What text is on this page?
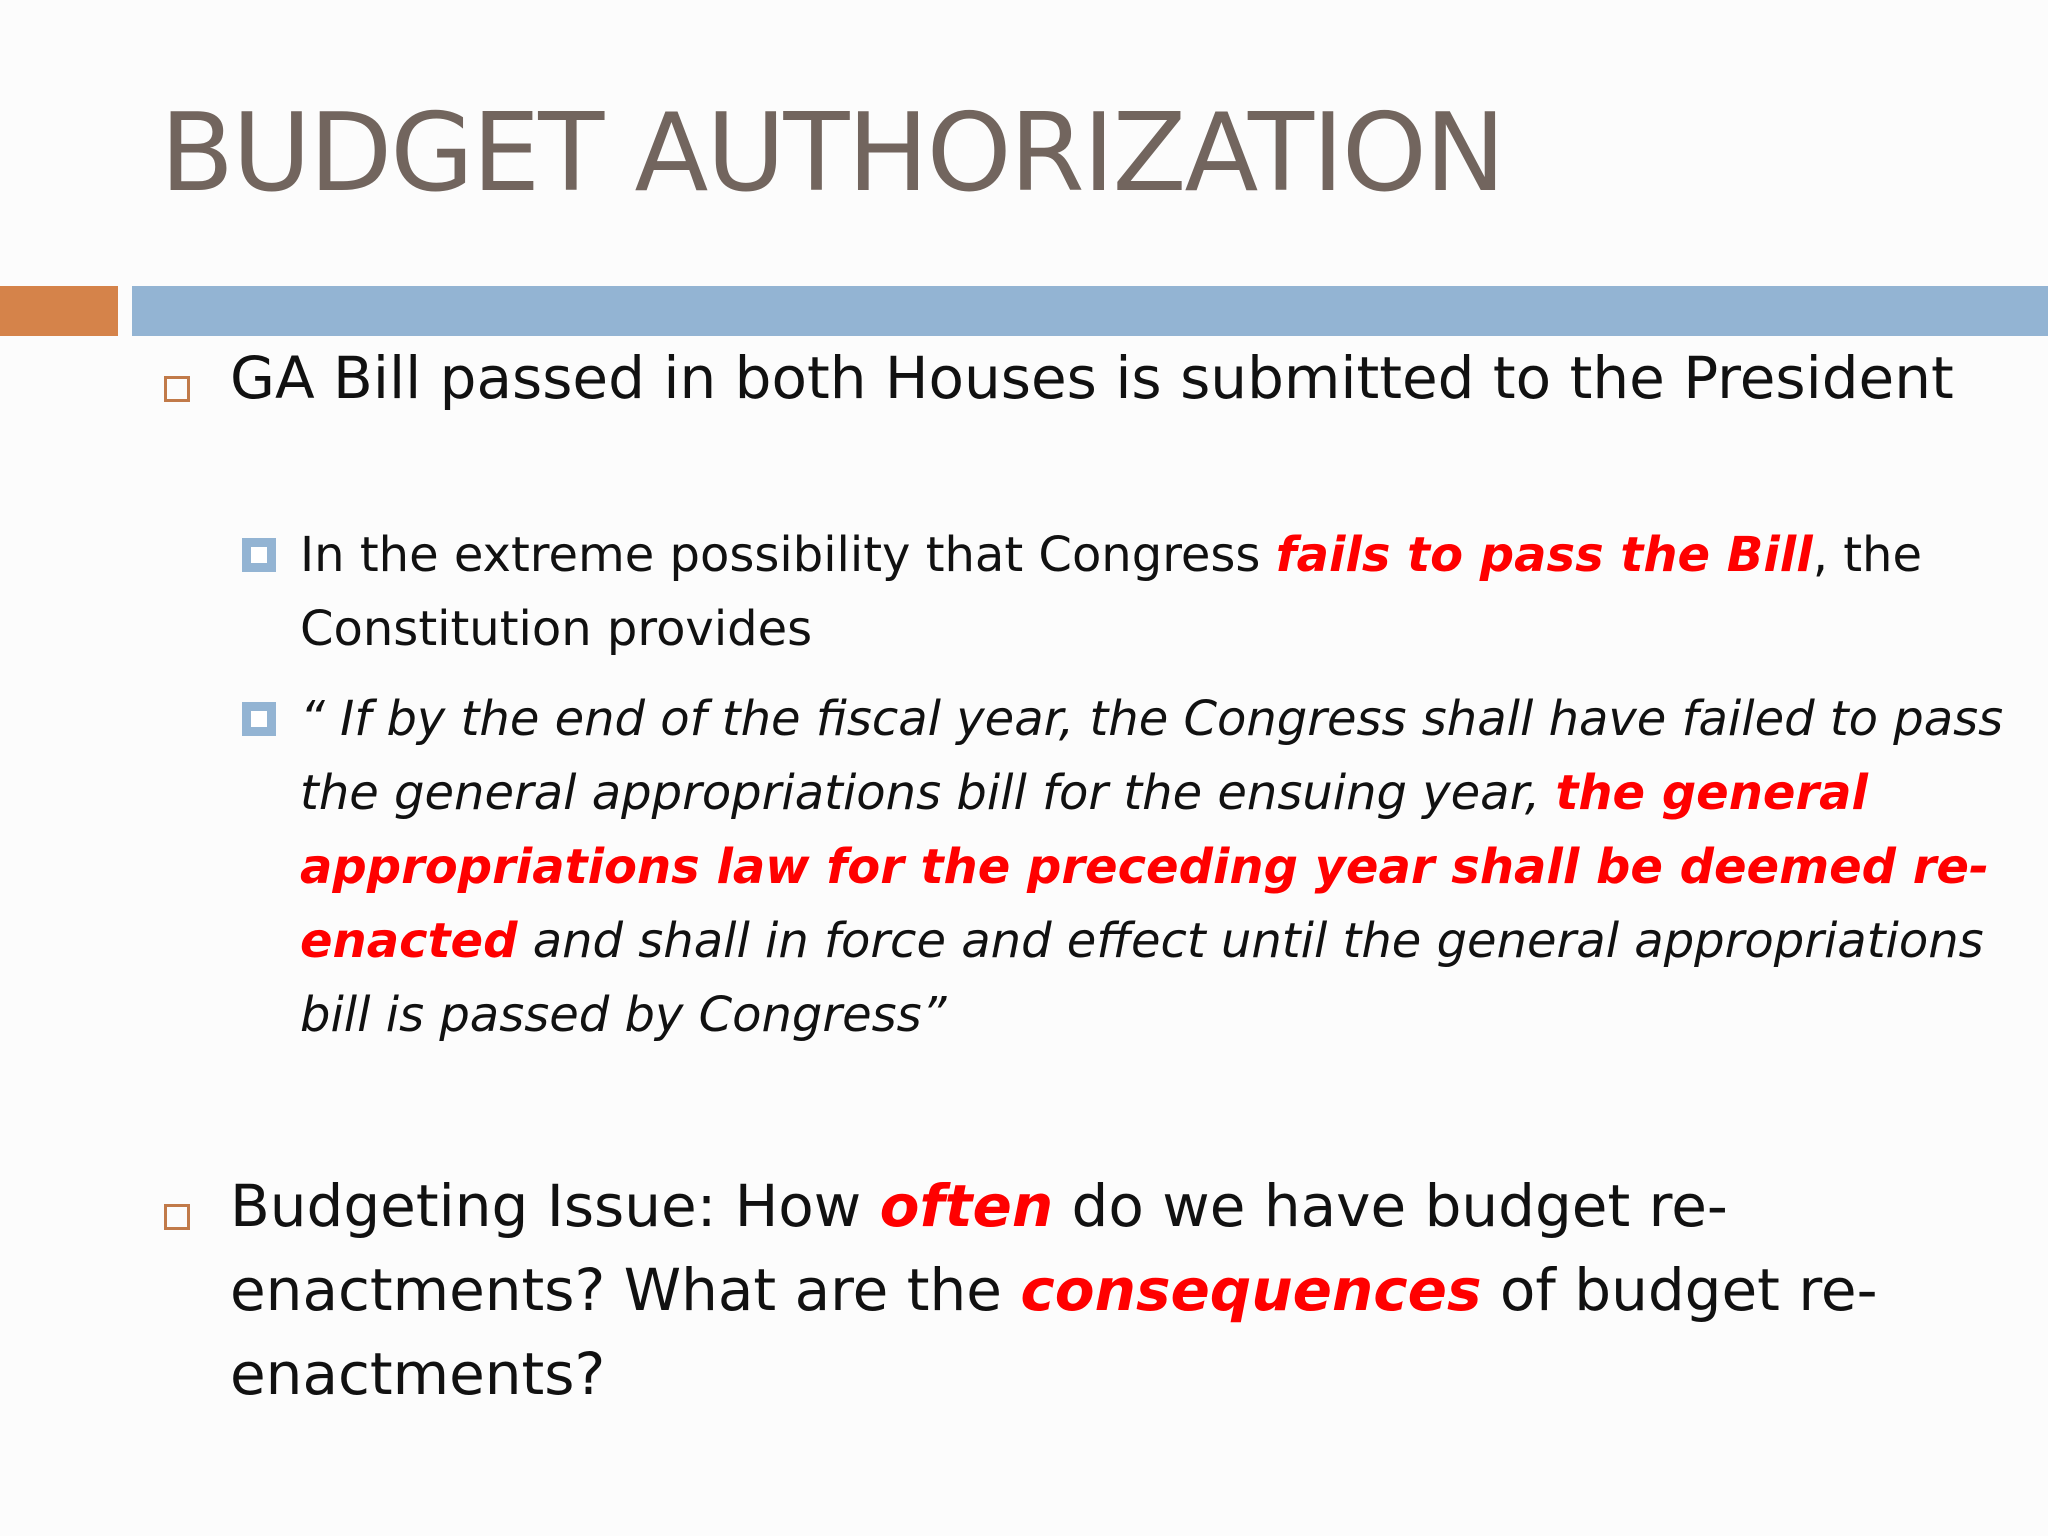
BUDGET AUTHORIZATION
GA Bill passed in both Houses is submitted to the President
In the extreme possibility that Congress fails to pass the Bill, the Constitution provides
“ If by the end of the fiscal year, the Congress shall have failed to pass the general appropriations bill for the ensuing year, the general appropriations law for the preceding year shall be deemed re-enacted and shall in force and effect until the general appropriations bill is passed by Congress”
Budgeting Issue: How often do we have budget re-enactments? What are the consequences of budget re-enactments?
